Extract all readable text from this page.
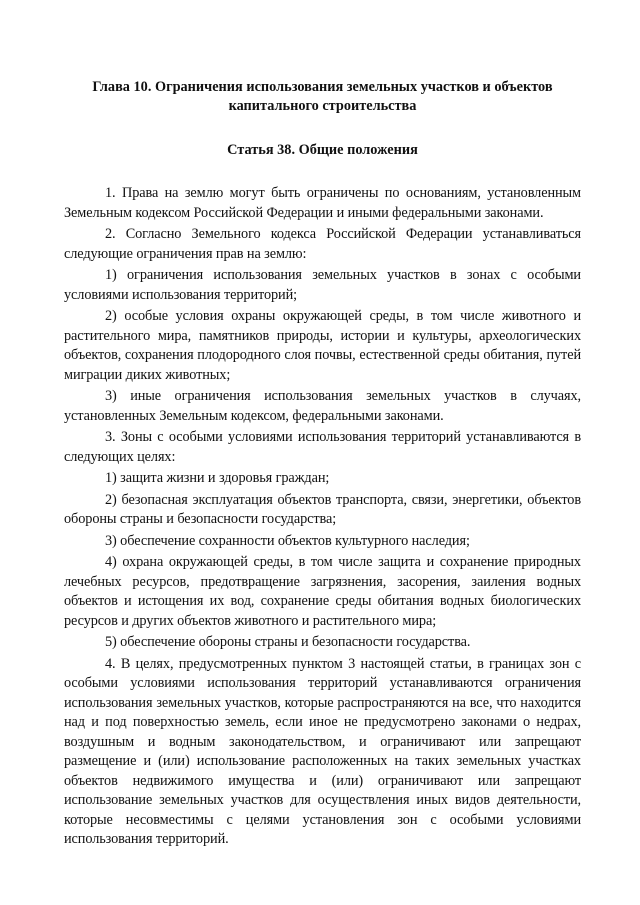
Глава 10. Ограничения использования земельных участков и объектов капитального строительства

Статья 38. Общие положения

1. Права на землю могут быть ограничены по основаниям, установленным Земельным кодексом Российской Федерации и иными федеральными законами.

2. Согласно Земельного кодекса Российской Федерации устанавливаться следующие ограничения прав на землю:

1) ограничения использования земельных участков в зонах с особыми условиями использования территорий;

2) особые условия охраны окружающей среды, в том числе животного и растительного мира, памятников природы, истории и культуры, археологических объектов, сохранения плодородного слоя почвы, естественной среды обитания, путей миграции диких животных;

3) иные ограничения использования земельных участков в случаях, установленных Земельным кодексом, федеральными законами.

3. Зоны с особыми условиями использования территорий устанавливаются в следующих целях:

1) защита жизни и здоровья граждан;

2) безопасная эксплуатация объектов транспорта, связи, энергетики, объектов обороны страны и безопасности государства;

3) обеспечение сохранности объектов культурного наследия;

4) охрана окружающей среды, в том числе защита и сохранение природных лечебных ресурсов, предотвращение загрязнения, засорения, заиления водных объектов и истощения их вод, сохранение среды обитания водных биологических ресурсов и других объектов животного и растительного мира;

5) обеспечение обороны страны и безопасности государства.

4. В целях, предусмотренных пунктом 3 настоящей статьи, в границах зон с особыми условиями использования территорий устанавливаются ограничения использования земельных участков, которые распространяются на все, что находится над и под поверхностью земель, если иное не предусмотрено законами о недрах, воздушным и водным законодательством, и ограничивают или запрещают размещение и (или) использование расположенных на таких земельных участках объектов недвижимого имущества и (или) ограничивают или запрещают использование земельных участков для осуществления иных видов деятельности, которые несовместимы с целями установления зон с особыми условиями использования территорий.
